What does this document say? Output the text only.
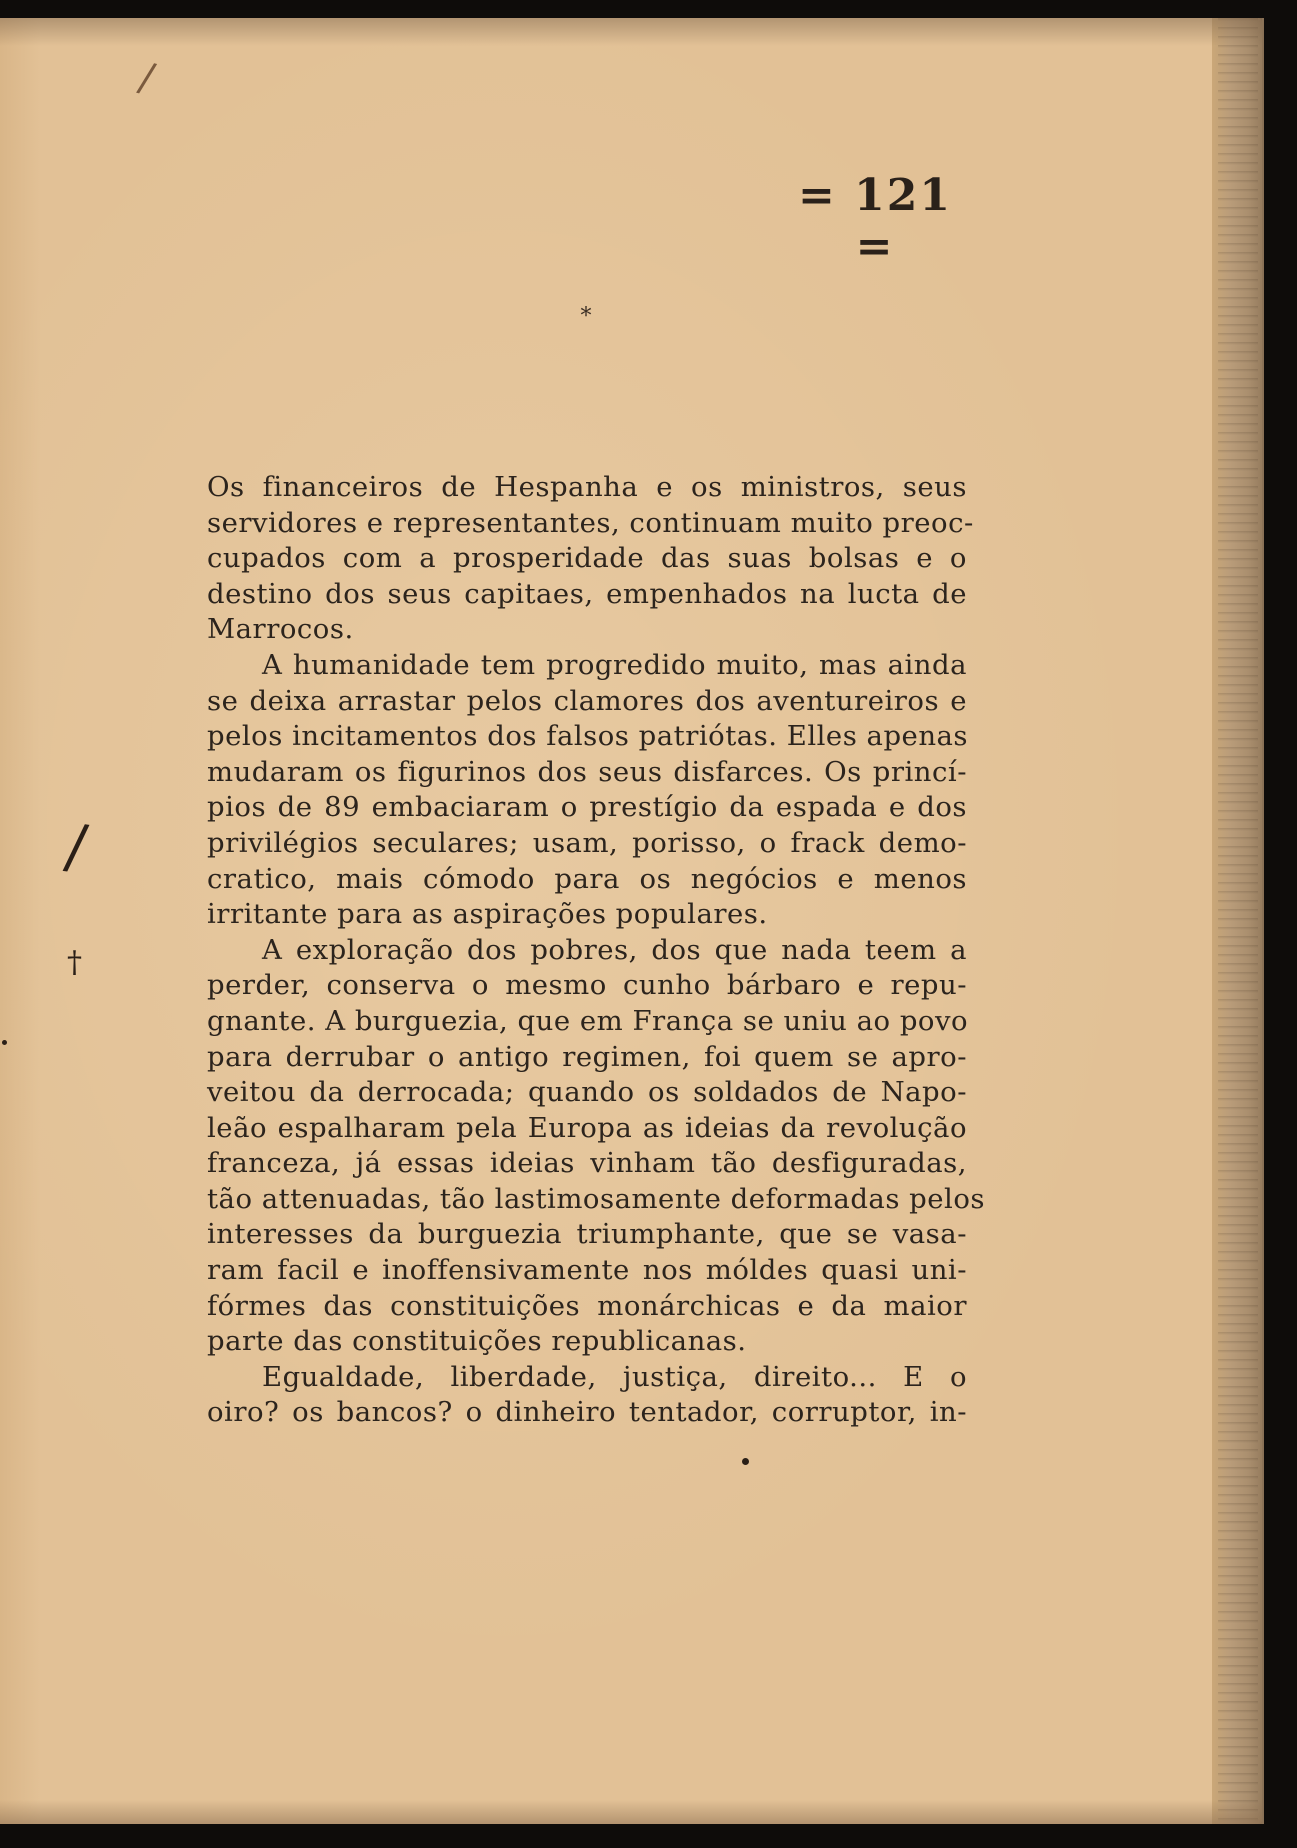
/
/
†
= 121 =
*
Os financeiros de Hespanha e os ministros, seus
servidores e representantes, continuam muito preoc-
cupados com a prosperidade das suas bolsas e o
destino dos seus capitaes, empenhados na lucta de
Marrocos.
A humanidade tem progredido muito, mas ainda
se deixa arrastar pelos clamores dos aventureiros e
pelos incitamentos dos falsos patriótas. Elles apenas
mudaram os figurinos dos seus disfarces. Os princí-
pios de 89 embaciaram o prestígio da espada e dos
privilégios seculares; usam, porisso, o frack demo-
cratico, mais cómodo para os negócios e menos
irritante para as aspirações populares.
A exploração dos pobres, dos que nada teem a
perder, conserva o mesmo cunho bárbaro e repu-
gnante. A burguezia, que em França se uniu ao povo
para derrubar o antigo regimen, foi quem se apro-
veitou da derrocada; quando os soldados de Napo-
leão espalharam pela Europa as ideias da revolução
franceza, já essas ideias vinham tão desfiguradas,
tão attenuadas, tão lastimosamente deformadas pelos
interesses da burguezia triumphante, que se vasa-
ram facil e inoffensivamente nos móldes quasi uni-
fórmes das constituições monárchicas e da maior
parte das constituições republicanas.
Egualdade, liberdade, justiça, direito... E o
oiro? os bancos? o dinheiro tentador, corruptor, in-
